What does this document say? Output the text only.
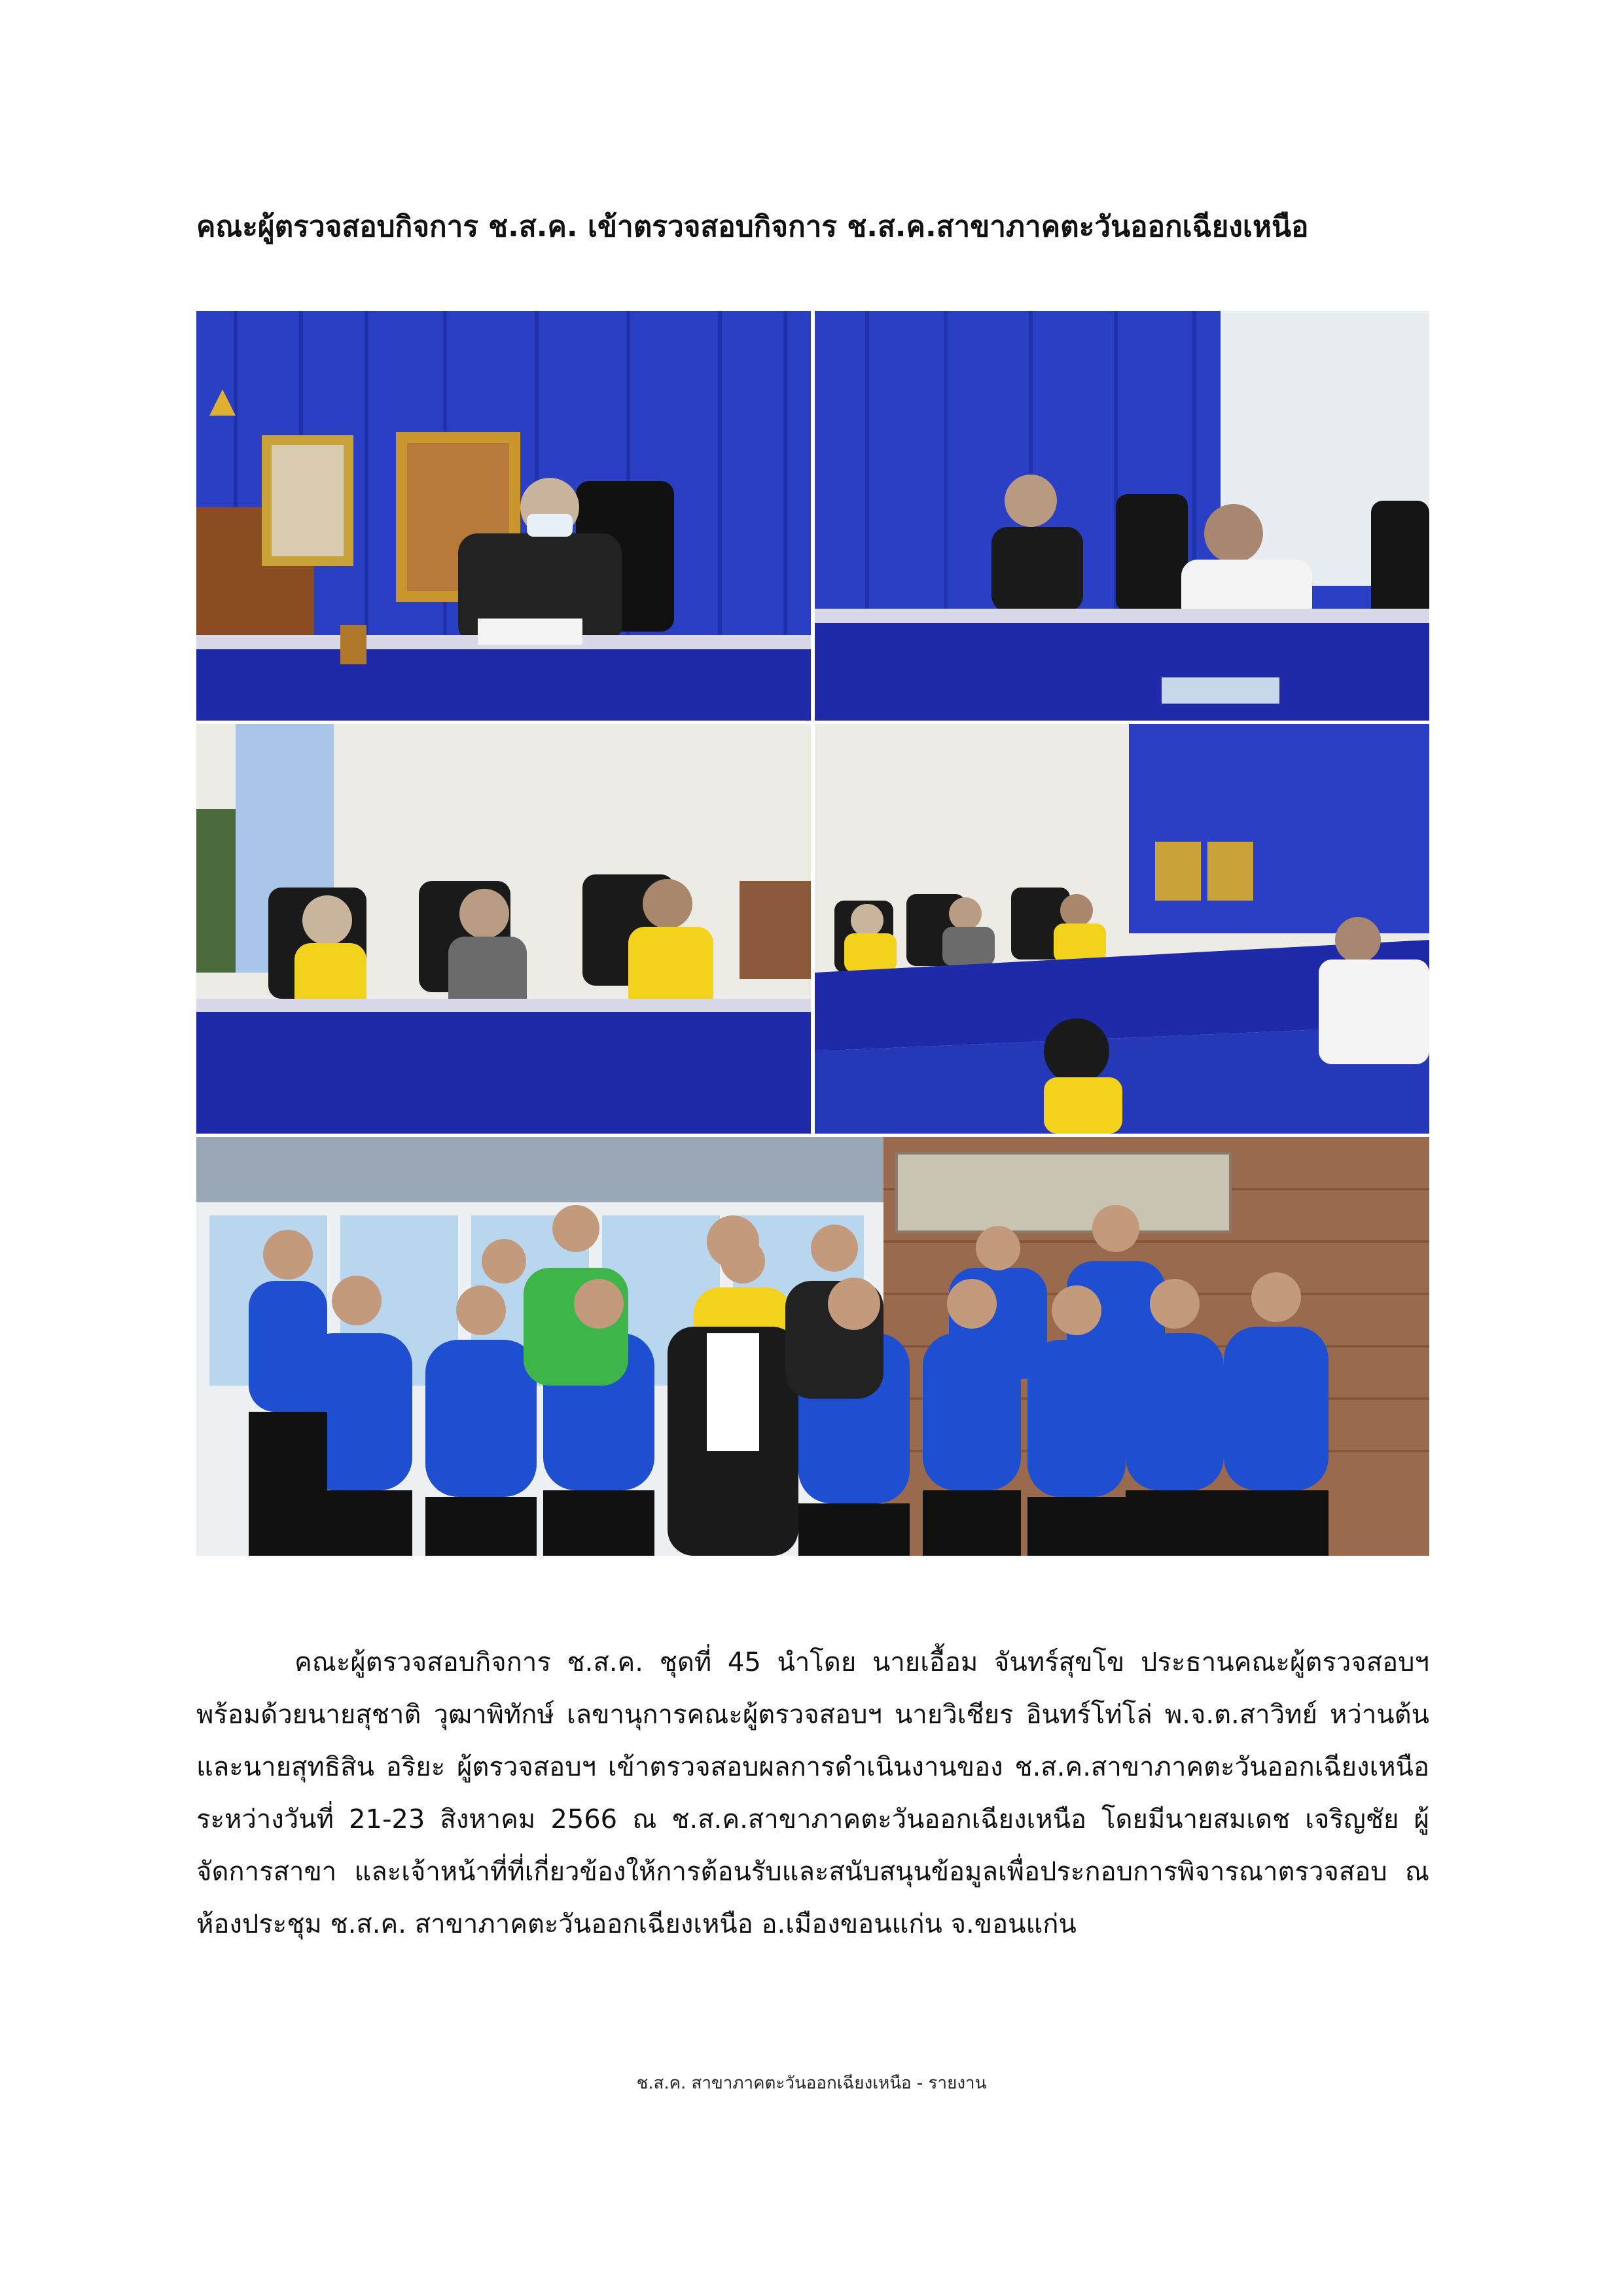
คณะผู้ตรวจสอบกิจการ ช.ส.ค. เข้าตรวจสอบกิจการ ช.ส.ค.สาขาภาคตะวันออกเฉียงเหนือ

คณะผู้ตรวจสอบกิจการ ช.ส.ค. ชุดที่ 45 นำโดย นายเอื้อม จันทร์สุขโข ประธานคณะผู้ตรวจสอบฯ พร้อมด้วยนายสุชาติ วุฒาพิทักษ์ เลขานุการคณะผู้ตรวจสอบฯ นายวิเชียร อินทร์โท่โล่ พ.จ.ต.สาวิทย์ หว่านต้น และนายสุทธิสิน อริยะ ผู้ตรวจสอบฯ เข้าตรวจสอบผลการดำเนินงานของ ช.ส.ค.สาขาภาคตะวันออกเฉียงเหนือระหว่างวันที่ 21-23 สิงหาคม 2566 ณ ช.ส.ค.สาขาภาคตะวันออกเฉียงเหนือ โดยมีนายสมเดช เจริญชัย ผู้จัดการสาขา และเจ้าหน้าที่ที่เกี่ยวข้องให้การต้อนรับและสนับสนุนข้อมูลเพื่อประกอบการพิจารณาตรวจสอบ ณ ห้องประชุม ช.ส.ค. สาขาภาคตะวันออกเฉียงเหนือ อ.เมืองขอนแก่น จ.ขอนแก่น

ช.ส.ค. สาขาภาคตะวันออกเฉียงเหนือ - รายงาน
